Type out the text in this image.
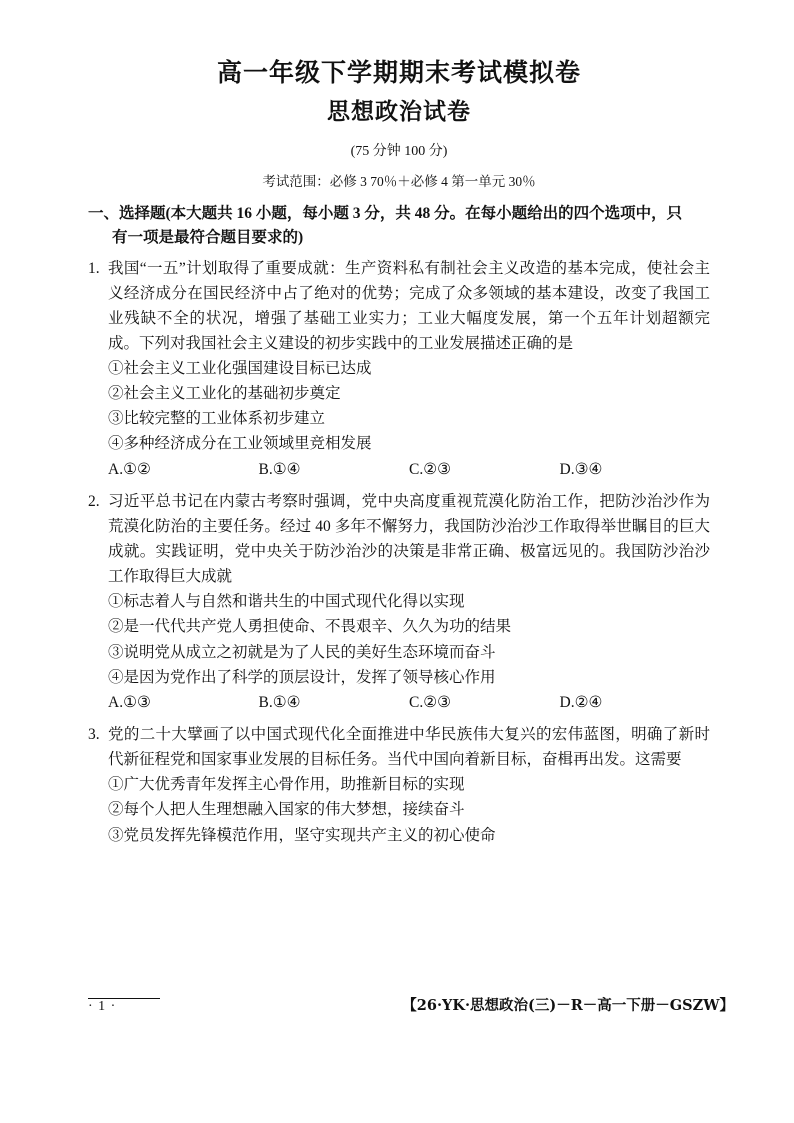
高一年级下学期期末考试模拟卷
思想政治试卷
(75 分钟 100 分)
考试范围：必修 3 70％＋必修 4 第一单元 30％
一、选择题(本大题共 16 小题，每小题 3 分，共 48 分。在每小题给出的四个选项中，只
有一项是最符合题目要求的)
1. 我国“一五”计划取得了重要成就：生产资料私有制社会主义改造的基本完成，使社会主义经济成分在国民经济中占了绝对的优势；完成了众多领域的基本建设，改变了我国工业残缺不全的状况，增强了基础工业实力；工业大幅度发展，第一个五年计划超额完成。下列对我国社会主义建设的初步实践中的工业发展描述正确的是
①社会主义工业化强国建设目标已达成
②社会主义工业化的基础初步奠定
③比较完整的工业体系初步建立
④多种经济成分在工业领域里竞相发展
A.①②	B.①④	C.②③	D.③④
2. 习近平总书记在内蒙古考察时强调，党中央高度重视荒漠化防治工作，把防沙治沙作为荒漠化防治的主要任务。经过 40 多年不懈努力，我国防沙治沙工作取得举世瞩目的巨大成就。实践证明，党中央关于防沙治沙的决策是非常正确、极富远见的。我国防沙治沙工作取得巨大成就
①标志着人与自然和谐共生的中国式现代化得以实现
②是一代代共产党人勇担使命、不畏艰辛、久久为功的结果
③说明党从成立之初就是为了人民的美好生态环境而奋斗
④是因为党作出了科学的顶层设计，发挥了领导核心作用
A.①③	B.①④	C.②③	D.②④
3. 党的二十大擘画了以中国式现代化全面推进中华民族伟大复兴的宏伟蓝图，明确了新时代新征程党和国家事业发展的目标任务。当代中国向着新目标，奋楫再出发。这需要
①广大优秀青年发挥主心骨作用，助推新目标的实现
②每个人把人生理想融入国家的伟大梦想，接续奋斗
③党员发挥先锋模范作用，坚守实现共产主义的初心使命
· 1 ·	【26·YK·思想政治(三)－R－高一下册－GSZW】
